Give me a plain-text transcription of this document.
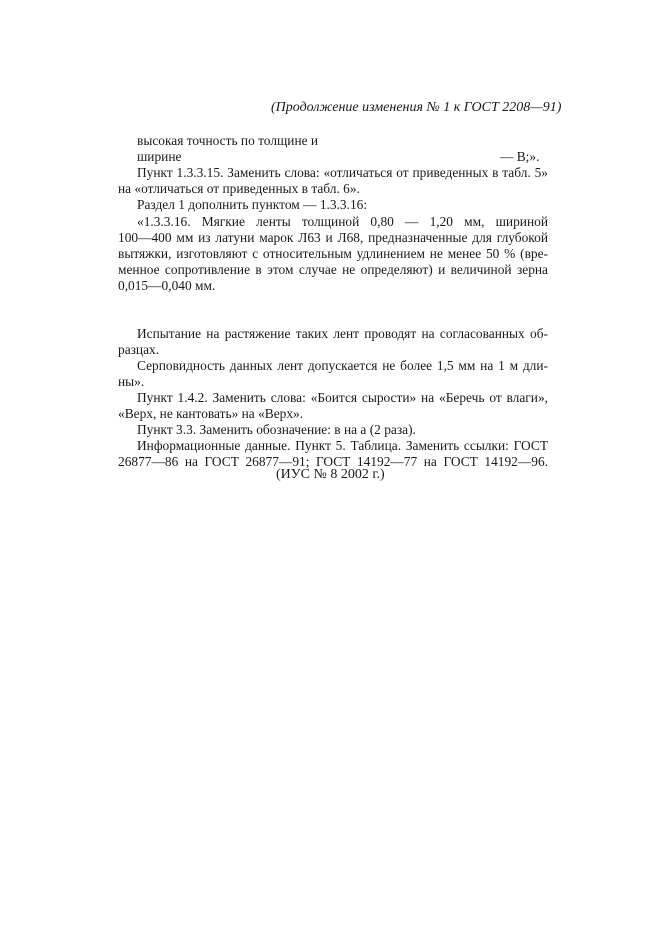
(Продолжение изменения № 1 к ГОСТ 2208—91)
высокая точность по толщине и
ширине	— В;».
Пункт 1.3.3.15. Заменить слова: «отличаться от приведенных в табл. 5»
на «отличаться от приведенных в табл. 6».
Раздел 1 дополнить пунктом — 1.3.3.16:
«1.3.3.16. Мягкие ленты толщиной 0,80 — 1,20 мм, шириной
100—400 мм из латуни марок Л63 и Л68, предназначенные для глубокой
вытяжки, изготовляют с относительным удлинением не менее 50 % (вре-
менное сопротивление в этом случае не определяют) и величиной зерна
0,015—0,040 мм.
Испытание на растяжение таких лент проводят на согласованных об-
разцах.
Серповидность данных лент допускается не более 1,5 мм на 1 м дли-
ны».
Пункт 1.4.2. Заменить слова: «Боится сырости» на «Беречь от влаги»,
«Верх, не кантовать» на «Верх».
Пункт 3.3. Заменить обозначение: в на а (2 раза).
Информационные данные. Пункт 5. Таблица. Заменить ссылки: ГОСТ
26877—86 на ГОСТ 26877—91; ГОСТ 14192—77 на ГОСТ 14192—96.
(ИУС № 8 2002 г.)
